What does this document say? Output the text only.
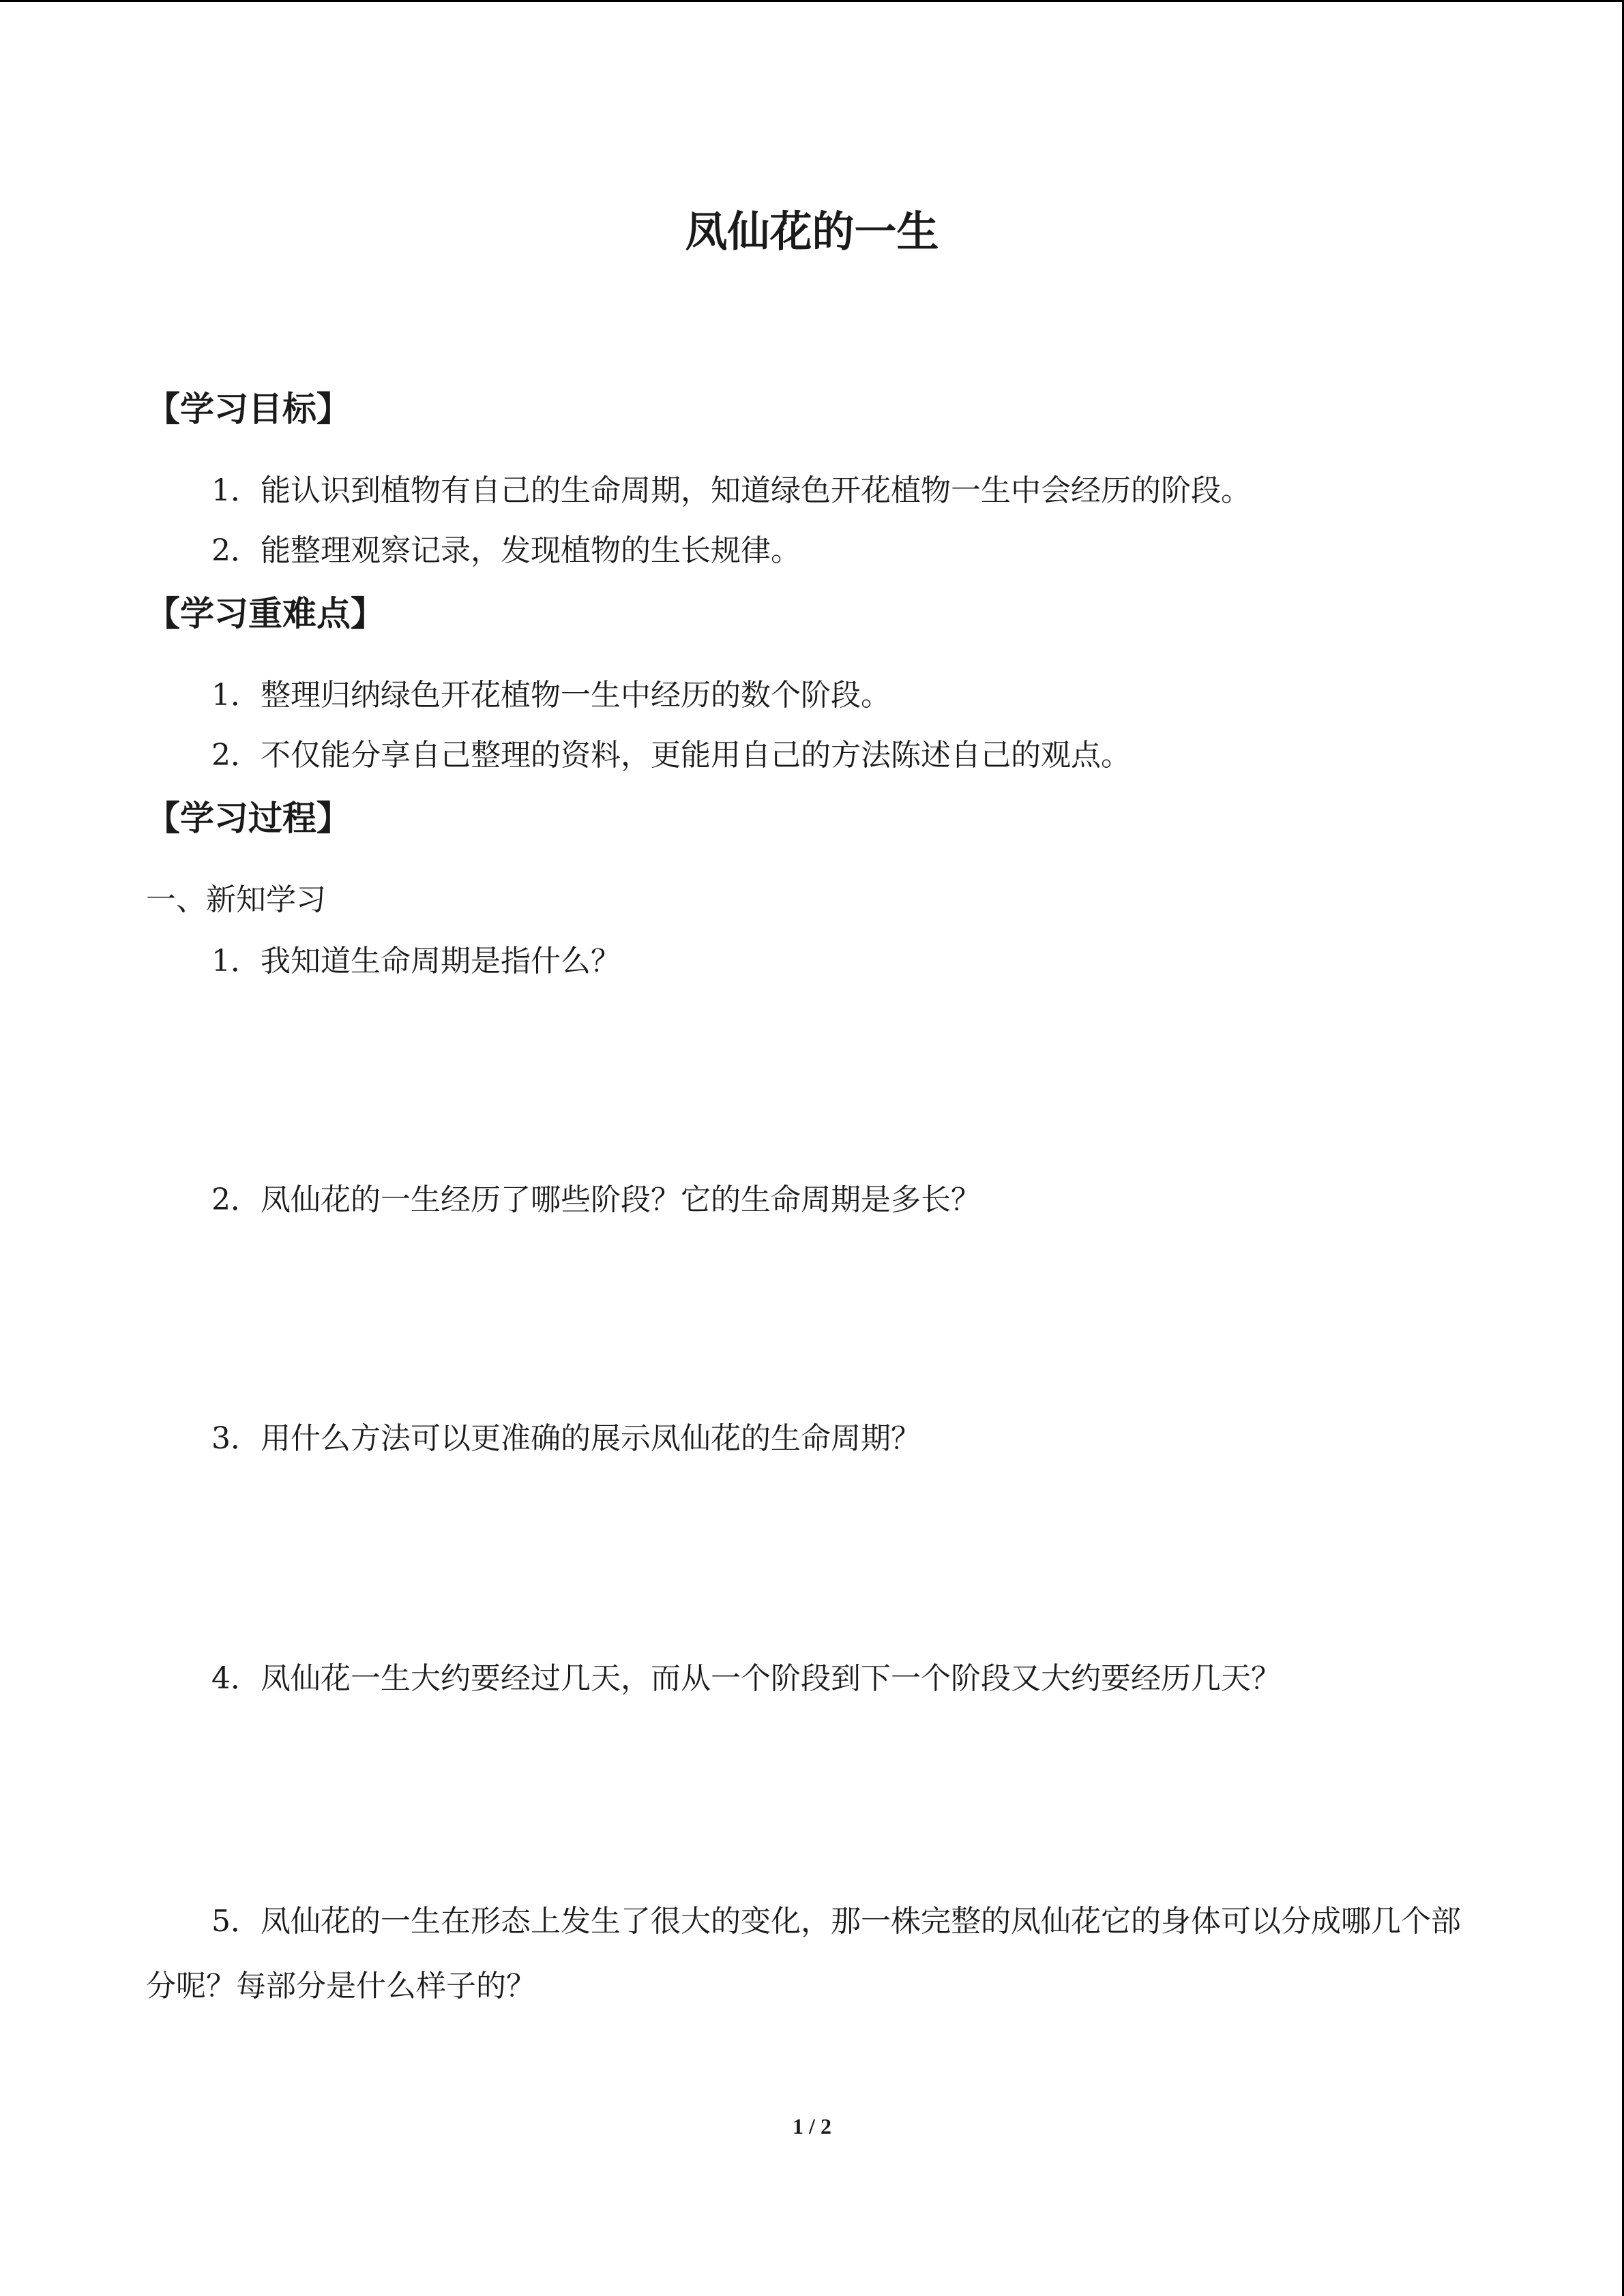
凤仙花的一生
【学习目标】
1．能认识到植物有自己的生命周期，知道绿色开花植物一生中会经历的阶段。
2．能整理观察记录，发现植物的生长规律。
【学习重难点】
1．整理归纳绿色开花植物一生中经历的数个阶段。
2．不仅能分享自己整理的资料，更能用自己的方法陈述自己的观点。
【学习过程】
一、新知学习
1．我知道生命周期是指什么？
2．凤仙花的一生经历了哪些阶段？它的生命周期是多长？
3．用什么方法可以更准确的展示凤仙花的生命周期？
4．凤仙花一生大约要经过几天，而从一个阶段到下一个阶段又大约要经历几天？
5．凤仙花的一生在形态上发生了很大的变化，那一株完整的凤仙花它的身体可以分成哪几个部分呢？每部分是什么样子的？
1 / 2
